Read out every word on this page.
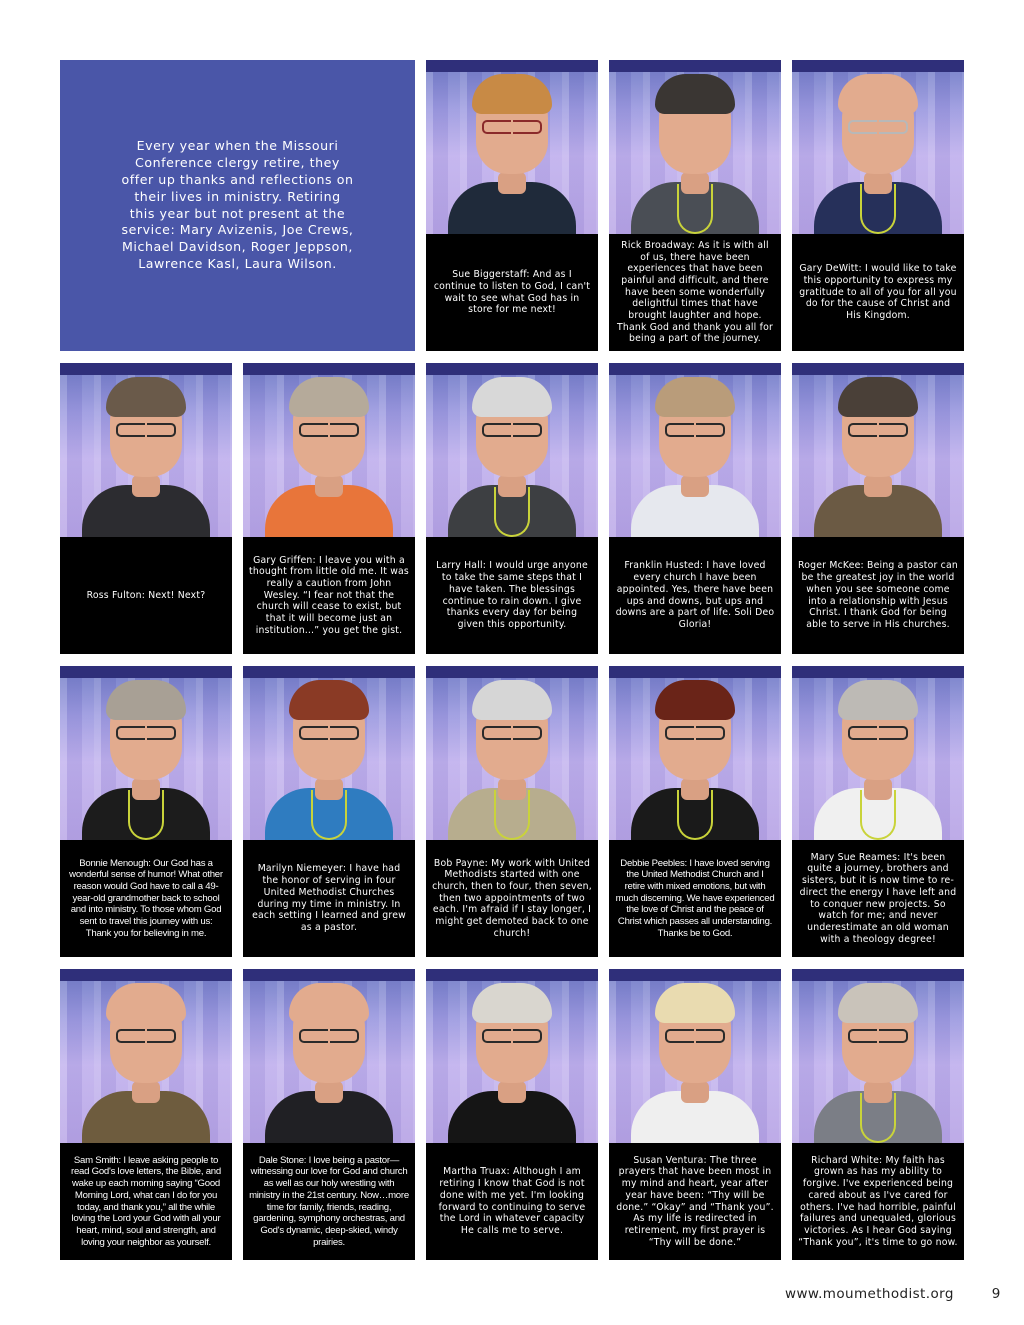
Every year when the Missouri Conference clergy retire, they offer up thanks and reflections on their lives in ministry. Retiring this year but not present at the service: Mary Avizenis, Joe Crews, Michael Davidson, Roger Jeppson, Lawrence Kasl, Laura Wilson.

Sue Biggerstaff: And as I continue to listen to God, I can't wait to see what God has in store for me next!
Rick Broadway: As it is with all of us, there have been experiences that have been painful and difficult, and there have been some wonderfully delightful times that have brought laughter and hope. Thank God and thank you all for being a part of the journey.
Gary DeWitt: I would like to take this opportunity to express my gratitude to all of you for all you do for the cause of Christ and His Kingdom.
Ross Fulton: Next! Next?
Gary Griffen: I leave you with a thought from little old me. It was really a caution from John Wesley. “I fear not that the church will cease to exist, but that it will become just an institution…” you get the gist.
Larry Hall: I would urge anyone to take the same steps that I have taken. The blessings continue to rain down. I give thanks every day for being given this opportunity.
Franklin Husted: I have loved every church I have been appointed. Yes, there have been ups and downs, but ups and downs are a part of life. Soli Deo Gloria!
Roger McKee: Being a pastor can be the greatest joy in the world when you see someone come into a relationship with Jesus Christ. I thank God for being able to serve in His churches.
Bonnie Menough: Our God has a wonderful sense of humor! What other reason would God have to call a 49-year-old grandmother back to school and into ministry. To those whom God sent to travel this journey with us: Thank you for believing in me.
Marilyn Niemeyer: I have had the honor of serving in four United Methodist Churches during my time in ministry. In each setting I learned and grew as a pastor.
Bob Payne: My work with United Methodists started with one church, then to four, then seven, then two appointments of two each. I'm afraid if I stay longer, I might get demoted back to one church!
Debbie Peebles: I have loved serving the United Methodist Church and I retire with mixed emotions, but with much discerning. We have experienced the love of Christ and the peace of Christ which passes all understanding. Thanks be to God.
Mary Sue Reames: It's been quite a journey, brothers and sisters, but it is now time to re-direct the energy I have left and to conquer new projects. So watch for me; and never underestimate an old woman with a theology degree!
Sam Smith: I leave asking people to read God's love letters, the Bible, and wake up each morning saying “Good Morning Lord, what can I do for you today, and thank you,” all the while loving the Lord your God with all your heart, mind, soul and strength, and loving your neighbor as yourself.
Dale Stone: I love being a pastor—witnessing our love for God and church as well as our holy wrestling with ministry in the 21st century. Now…more time for family, friends, reading, gardening, symphony orchestras, and God's dynamic, deep-skied, windy prairies.
Martha Truax: Although I am retiring I know that God is not done with me yet. I'm looking forward to continuing to serve the Lord in whatever capacity He calls me to serve.
Susan Ventura: The three prayers that have been most in my mind and heart, year after year have been: “Thy will be done.” “Okay” and “Thank you”. As my life is redirected in retirement, my first prayer is “Thy will be done.”
Richard White: My faith has grown as has my ability to forgive. I've experienced being cared about as I've cared for others. I've had horrible, painful failures and unequaled, glorious victories. As I hear God saying “Thank you”, it's time to go now.
www.moumethodist.org	9
